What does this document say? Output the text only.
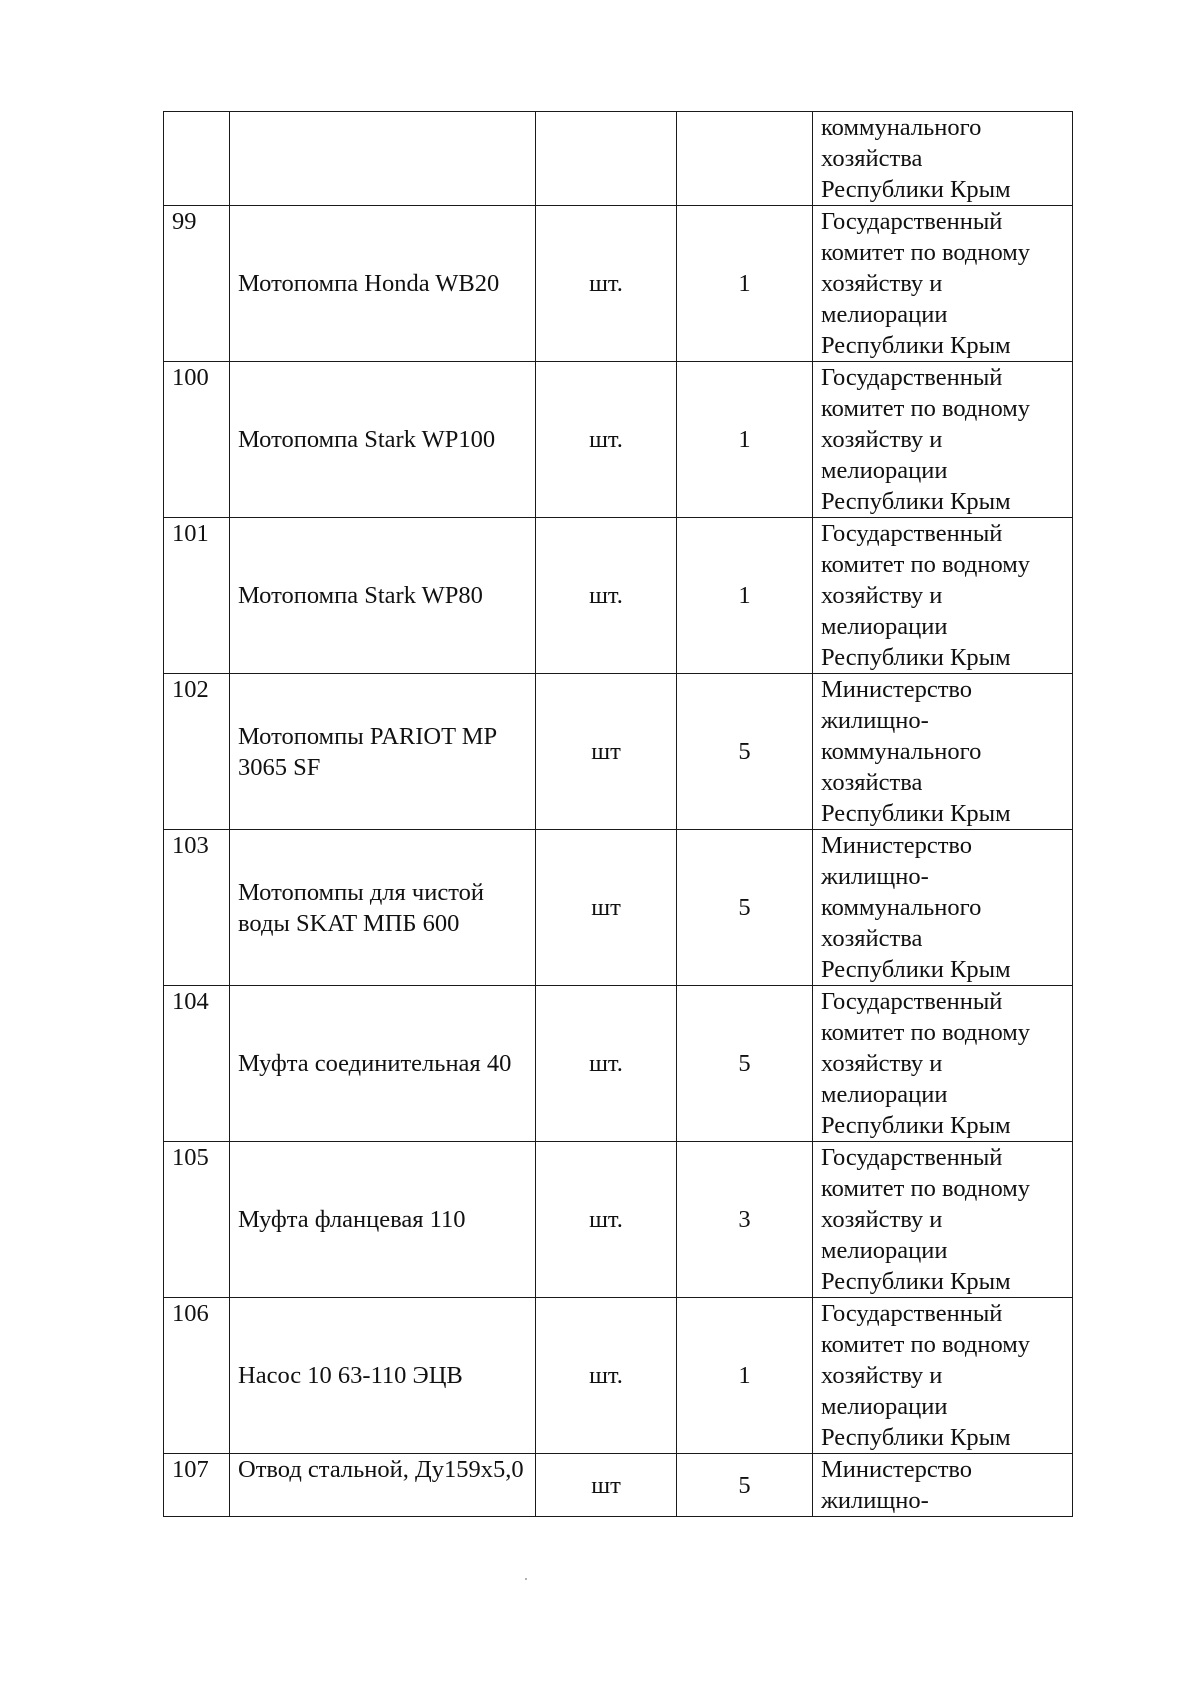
				коммунального
хозяйства
Республики Крым

99	Мотопомпа Honda WB20	шт.	1	Государственный
комитет по водному
хозяйству и
мелиорации
Республики Крым

100	Мотопомпа Stark WP100	шт.	1	Государственный
комитет по водному
хозяйству и
мелиорации
Республики Крым

101	Мотопомпа Stark WP80	шт.	1	Государственный
комитет по водному
хозяйству и
мелиорации
Республики Крым

102	Мотопомпы PARIOT MP 3065 SF	шт	5	Министерство
жилищно-
коммунального
хозяйства
Республики Крым

103	Мотопомпы для чистой воды SKAT МПБ 600	шт	5	Министерство
жилищно-
коммунального
хозяйства
Республики Крым

104	Муфта соединительная 40	шт.	5	Государственный
комитет по водному
хозяйству и
мелиорации
Республики Крым

105	Муфта фланцевая 110	шт.	3	Государственный
комитет по водному
хозяйству и
мелиорации
Республики Крым

106	Насос 10 63-110 ЭЦВ	шт.	1	Государственный
комитет по водному
хозяйству и
мелиорации
Республики Крым

107	Отвод стальной, Ду159х5,0	шт	5	Министерство
жилищно-
